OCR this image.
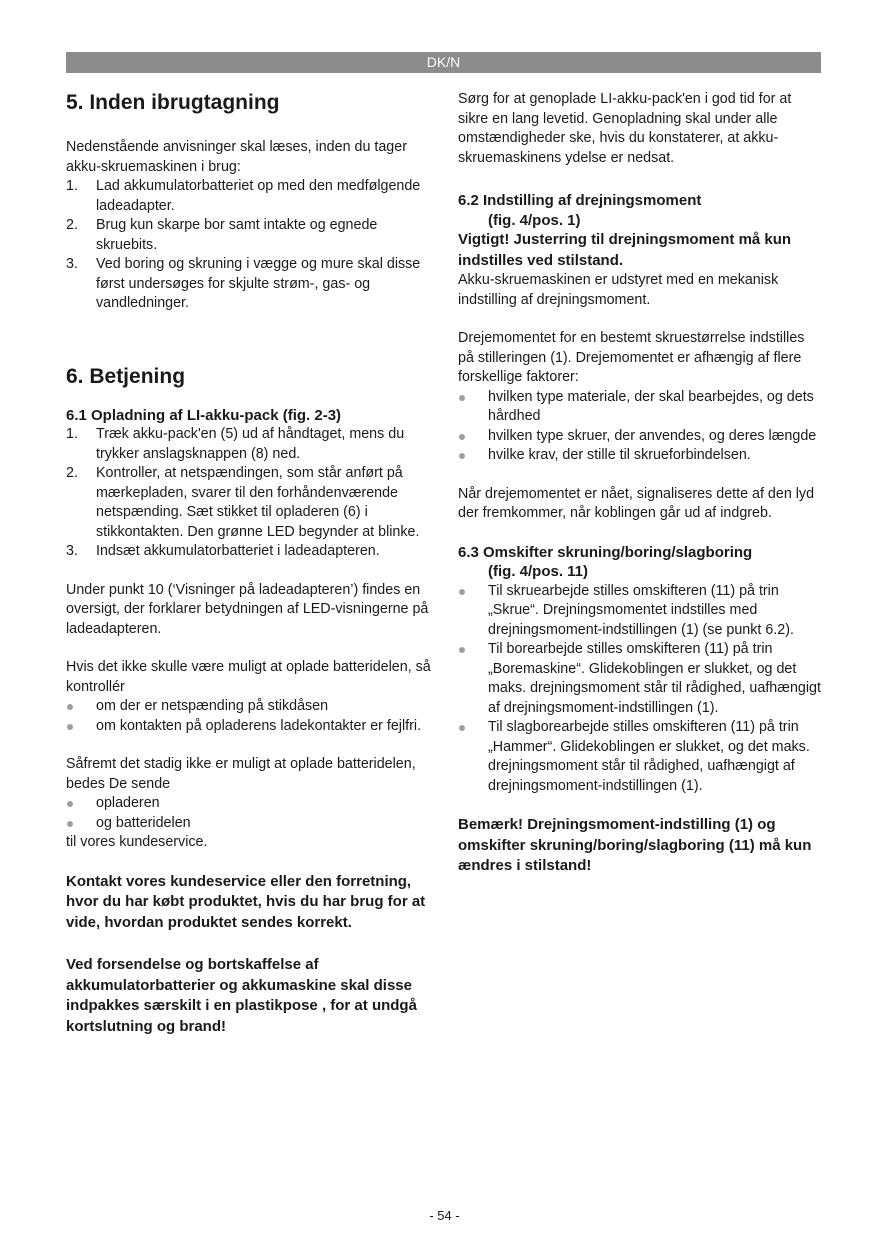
DK/N
5. Inden ibrugtagning

Nedenstående anvisninger skal læses, inden du tager akku-skruemaskinen i brug:

1. Lad akkumulatorbatteriet op med den medfølgende ladeadapter.
2. Brug kun skarpe bor samt intakte og egnede skruebits.
3. Ved boring og skruning i vægge og mure skal disse først undersøges for skjulte strøm-, gas- og vandledninger.
6. Betjening
6.1 Opladning af LI-akku-pack (fig. 2-3)
1. Træk akku-pack'en (5) ud af håndtaget, mens du trykker anslagsknappen (8) ned.
2. Kontroller, at netspændingen, som står anført på mærkepladen, svarer til den forhåndenværende netspænding. Sæt stikket til opladeren (6) i stikkontakten. Den grønne LED begynder at blinke.
3. Indsæt akkumulatorbatteriet i ladeadapteren.

Under punkt 10 (‘Visninger på ladeadapteren’) findes en oversigt, der forklarer betydningen af LED-visningerne på ladeadapteren.

Hvis det ikke skulle være muligt at oplade batteridelen, så kontrollér

om der er netspænding på stikdåsen
om kontakten på opladerens ladekontakter er fejlfri.

Såfremt det stadig ikke er muligt at oplade batteridelen, bedes De sende

opladeren
og batteridelen

til vores kundeservice.

Kontakt vores kundeservice eller den forretning, hvor du har købt produktet, hvis du har brug for at vide, hvordan produktet sendes korrekt.

Ved forsendelse og bortskaffelse af akkumulatorbatterier og akkumaskine skal disse indpakkes særskilt i en plastikpose , for at undgå kortslutning og brand!

Sørg for at genoplade LI-akku-pack'en i god tid for at sikre en lang levetid. Genopladning skal under alle omstændigheder ske, hvis du konstaterer, at akku-skruemaskinens ydelse er nedsat.

6.2 Indstilling af drejningsmoment
(fig. 4/pos. 1)

Vigtigt! Justerring til drejningsmoment må kun indstilles ved stilstand.

Akku-skruemaskinen er udstyret med en mekanisk indstilling af drejningsmoment.

Drejemomentet for en bestemt skruestørrelse indstilles på stilleringen (1). Drejemomentet er afhængig af flere forskellige faktorer:

hvilken type materiale, der skal bearbejdes, og dets hårdhed
hvilken type skruer, der anvendes, og deres længde
hvilke krav, der stille til skrueforbindelsen.

Når drejemomentet er nået, signaliseres dette af den lyd der fremkommer, når koblingen går ud af indgreb.

6.3 Omskifter skruning/boring/slagboring
(fig. 4/pos. 11)
Til skruearbejde stilles omskifteren (11) på trin „Skrue“. Drejningsmomentet indstilles med drejningsmoment-indstillingen (1) (se punkt 6.2).
Til borearbejde stilles omskifteren (11) på trin „Boremaskine“. Glidekoblingen er slukket, og det maks. drejningsmoment står til rådighed, uafhængigt af drejningsmoment-indstillingen (1).
Til slagborearbejde stilles omskifteren (11) på trin „Hammer“. Glidekoblingen er slukket, og det maks. drejningsmoment står til rådighed, uafhængigt af drejningsmoment-indstillingen (1).

Bemærk! Drejningsmoment-indstilling (1) og omskifter skruning/boring/slagboring (11) må kun ændres i stilstand!

- 54 -
